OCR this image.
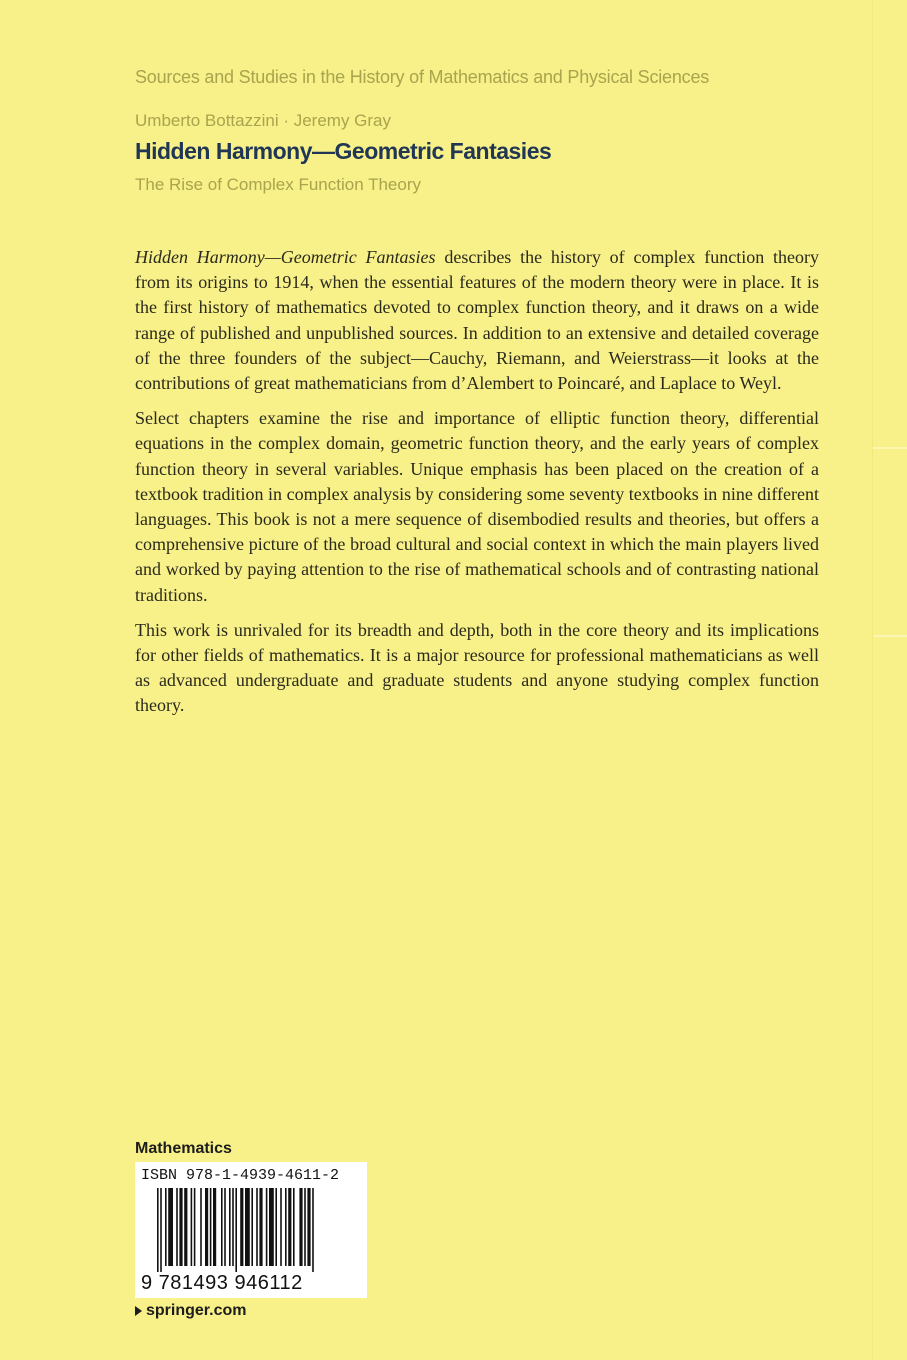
Sources and Studies in the History of Mathematics and Physical Sciences
Umberto Bottazzini · Jeremy Gray
Hidden Harmony—Geometric Fantasies
The Rise of Complex Function Theory

Hidden Harmony—Geometric Fantasies describes the history of complex function theory from its origins to 1914, when the essential features of the modern theory were in place. It is the first history of mathematics devoted to complex function theory, and it draws on a wide range of published and unpublished sources. In addition to an extensive and detailed coverage of the three founders of the subject—Cauchy, Riemann, and Weierstrass—it looks at the contributions of great mathematicians from d’Alembert to Poincaré, and Laplace to Weyl.

Select chapters examine the rise and importance of elliptic function theory, differential equations in the complex domain, geometric function theory, and the early years of complex function theory in several variables. Unique emphasis has been placed on the creation of a textbook tradition in complex analysis by considering some seventy textbooks in nine different languages. This book is not a mere sequence of disembodied results and theories, but offers a comprehensive picture of the broad cultural and social context in which the main players lived and worked by paying attention to the rise of mathematical schools and of contrasting national traditions.

This work is unrivaled for its breadth and depth, both in the core theory and its implications for other fields of mathematics. It is a major resource for professional mathematicians as well as advanced undergraduate and graduate students and anyone studying complex function theory.

Mathematics
ISBN 978-1-4939-4611-2
9 781493 946112
springer.com
